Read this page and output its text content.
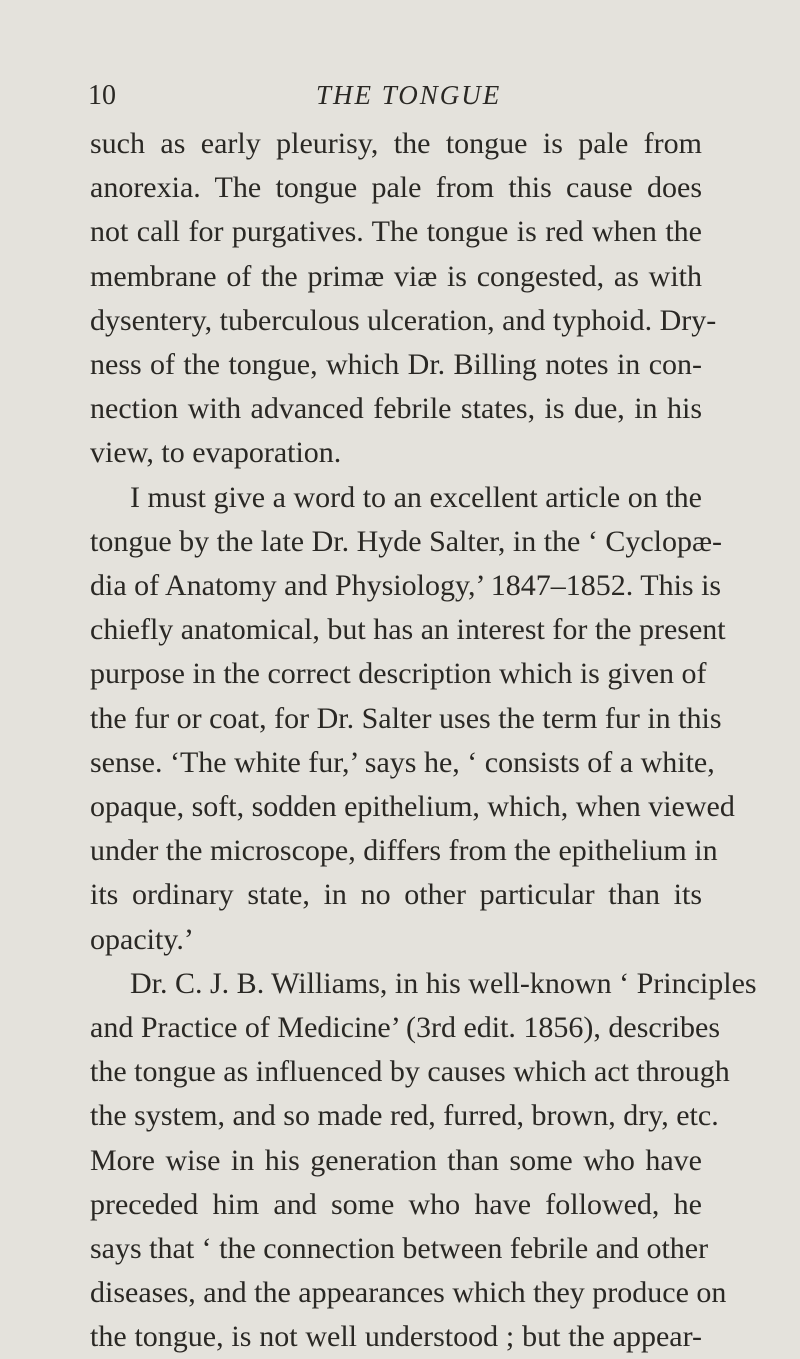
10	THE TONGUE
such as early pleurisy, the tongue is pale from
anorexia. The tongue pale from this cause does
not call for purgatives. The tongue is red when the
membrane of the primæ viæ is congested, as with
dysentery, tuberculous ulceration, and typhoid. Dry-
ness of the tongue, which Dr. Billing notes in con-
nection with advanced febrile states, is due, in his
view, to evaporation.
I must give a word to an excellent article on the
tongue by the late Dr. Hyde Salter, in the ‘ Cyclopæ-
dia of Anatomy and Physiology,’ 1847–1852. This is
chiefly anatomical, but has an interest for the present
purpose in the correct description which is given of
the fur or coat, for Dr. Salter uses the term fur in this
sense. ‘The white fur,’ says he, ‘ consists of a white,
opaque, soft, sodden epithelium, which, when viewed
under the microscope, differs from the epithelium in
its ordinary state, in no other particular than its
opacity.’
Dr. C. J. B. Williams, in his well-known ‘ Principles
and Practice of Medicine’ (3rd edit. 1856), describes
the tongue as influenced by causes which act through
the system, and so made red, furred, brown, dry, etc.
More wise in his generation than some who have
preceded him and some who have followed, he
says that ‘ the connection between febrile and other
diseases, and the appearances which they produce on
the tongue, is not well understood ; but the appear-
